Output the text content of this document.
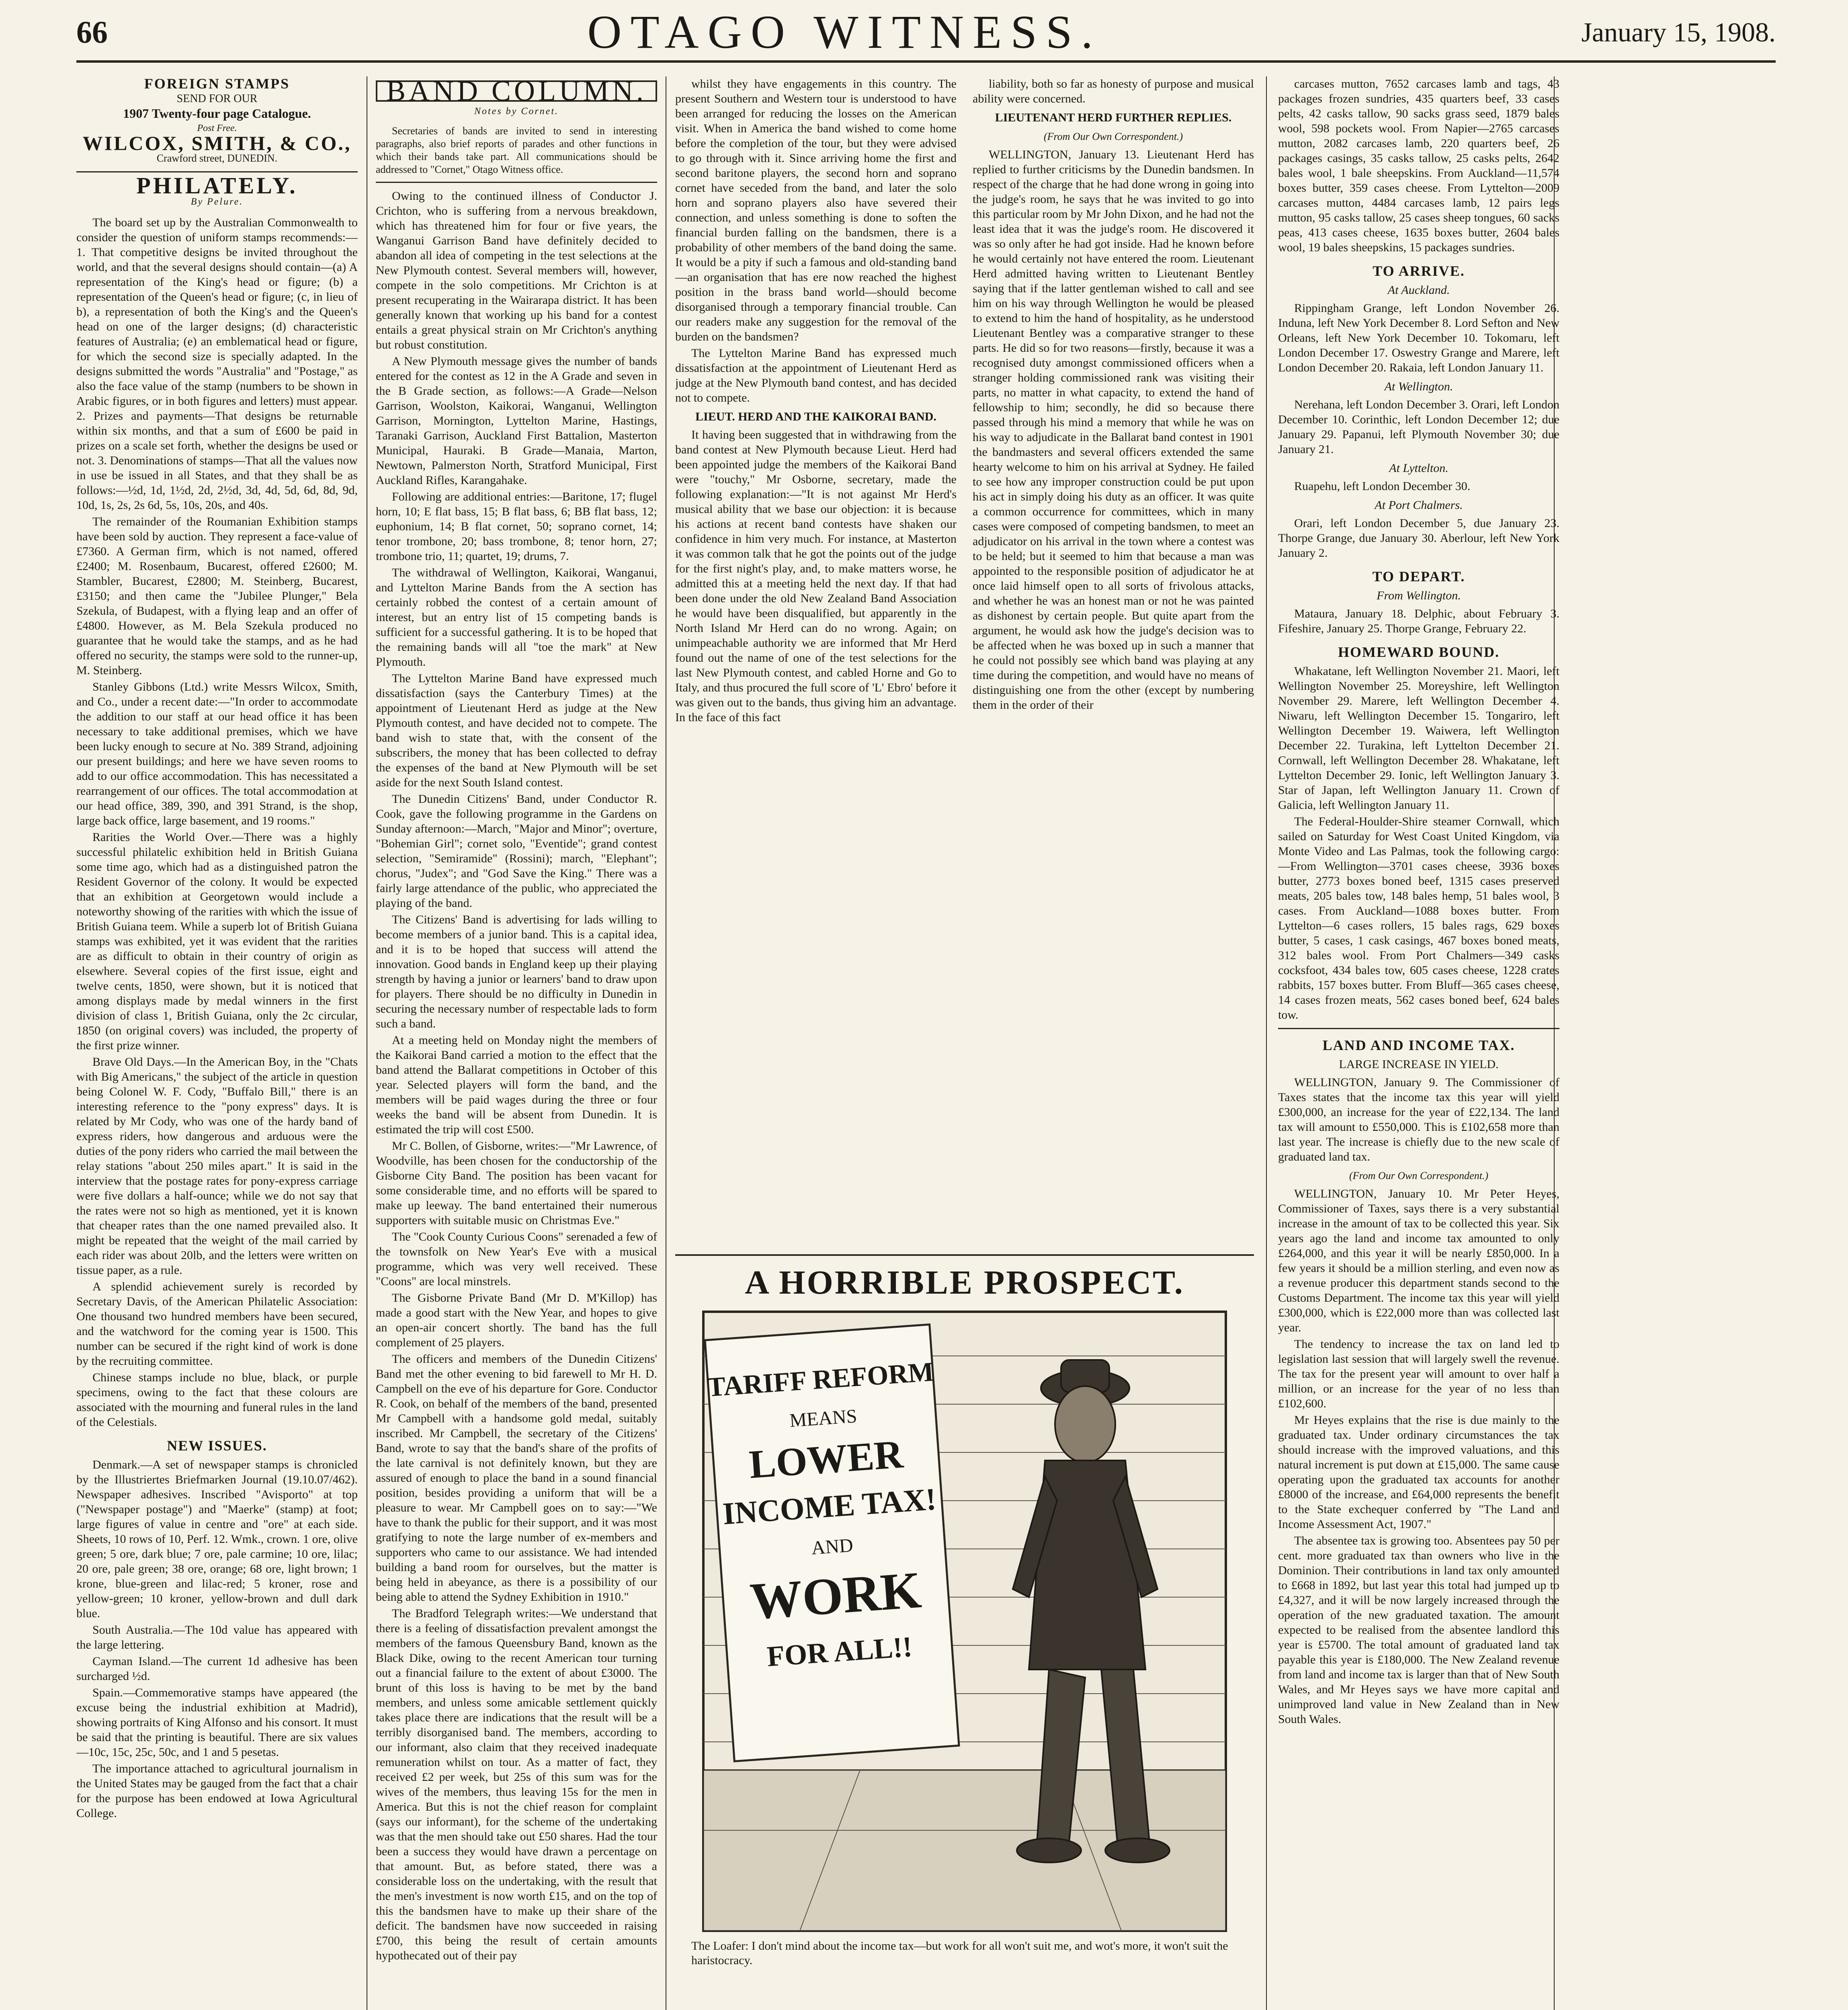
66	OTAGO WITNESS.	January 15, 1908.
FOREIGN STAMPS
SEND FOR OUR
1907 Twenty-four page Catalogue.
Post Free.
WILCOX, SMITH, & CO.,
Crawford street, DUNEDIN.
PHILATELY.
By Pelure.

The board set up by the Australian Commonwealth to consider the question of uniform stamps recommends:—1. That competitive designs be invited throughout the world, and that the several designs should contain—(a) A representation of the King's head or figure; (b) a representation of the Queen's head or figure; (c, in lieu of b), a representation of both the King's and the Queen's head on one of the larger designs; (d) characteristic features of Australia; (e) an emblematical head or figure, for which the second size is specially adapted. In the designs submitted the words "Australia" and "Postage," as also the face value of the stamp (numbers to be shown in Arabic figures, or in both figures and letters) must appear. 2. Prizes and payments—That designs be returnable within six months, and that a sum of £600 be paid in prizes on a scale set forth, whether the designs be used or not. 3. Denominations of stamps—That all the values now in use be issued in all States, and that they shall be as follows:—½d, 1d, 1½d, 2d, 2½d, 3d, 4d, 5d, 6d, 8d, 9d, 10d, 1s, 2s, 2s 6d, 5s, 10s, 20s, and 40s.

The remainder of the Roumanian Exhibition stamps have been sold by auction. They represent a face-value of £7360. A German firm, which is not named, offered £2400; M. Rosenbaum, Bucarest, offered £2600; M. Stambler, Bucarest, £2800; M. Steinberg, Bucarest, £3150; and then came the "Jubilee Plunger," Bela Szekula, of Budapest, with a flying leap and an offer of £4800. However, as M. Bela Szekula produced no guarantee that he would take the stamps, and as he had offered no security, the stamps were sold to the runner-up, M. Steinberg.

Stanley Gibbons (Ltd.) write Messrs Wilcox, Smith, and Co., under a recent date:—"In order to accommodate the addition to our staff at our head office it has been necessary to take additional premises, which we have been lucky enough to secure at No. 389 Strand, adjoining our present buildings; and here we have seven rooms to add to our office accommodation. This has necessitated a rearrangement of our offices. The total accommodation at our head office, 389, 390, and 391 Strand, is the shop, large back office, large basement, and 19 rooms."

Rarities the World Over.—There was a highly successful philatelic exhibition held in British Guiana some time ago, which had as a distinguished patron the Resident Governor of the colony. It would be expected that an exhibition at Georgetown would include a noteworthy showing of the rarities with which the issue of British Guiana teem. While a superb lot of British Guiana stamps was exhibited, yet it was evident that the rarities are as difficult to obtain in their country of origin as elsewhere. Several copies of the first issue, eight and twelve cents, 1850, were shown, but it is noticed that among displays made by medal winners in the first division of class 1, British Guiana, only the 2c circular, 1850 (on original covers) was included, the property of the first prize winner.

Brave Old Days.—In the American Boy, in the "Chats with Big Americans," the subject of the article in question being Colonel W. F. Cody, "Buffalo Bill," there is an interesting reference to the "pony express" days. It is related by Mr Cody, who was one of the hardy band of express riders, how dangerous and arduous were the duties of the pony riders who carried the mail between the relay stations "about 250 miles apart." It is said in the interview that the postage rates for pony-express carriage were five dollars a half-ounce; while we do not say that the rates were not so high as mentioned, yet it is known that cheaper rates than the one named prevailed also. It might be repeated that the weight of the mail carried by each rider was about 20lb, and the letters were written on tissue paper, as a rule.

A splendid achievement surely is recorded by Secretary Davis, of the American Philatelic Association: One thousand two hundred members have been secured, and the watchword for the coming year is 1500. This number can be secured if the right kind of work is done by the recruiting committee.

Chinese stamps include no blue, black, or purple specimens, owing to the fact that these colours are associated with the mourning and funeral rules in the land of the Celestials.

NEW ISSUES.

Denmark.—A set of newspaper stamps is chronicled by the Illustriertes Briefmarken Journal (19.10.07/462). Newspaper adhesives. Inscribed "Avisporto" at top ("Newspaper postage") and "Maerke" (stamp) at foot; large figures of value in centre and "ore" at each side. Sheets, 10 rows of 10, Perf. 12. Wmk., crown. 1 ore, olive green; 5 ore, dark blue; 7 ore, pale carmine; 10 ore, lilac; 20 ore, pale green; 38 ore, orange; 68 ore, light brown; 1 krone, blue-green and lilac-red; 5 kroner, rose and yellow-green; 10 kroner, yellow-brown and dull dark blue.

South Australia.—The 10d value has appeared with the large lettering.

Cayman Island.—The current 1d adhesive has been surcharged ½d.

Spain.—Commemorative stamps have appeared (the excuse being the industrial exhibition at Madrid), showing portraits of King Alfonso and his consort. It must be said that the printing is beautiful. There are six values—10c, 15c, 25c, 50c, and 1 and 5 pesetas.

The importance attached to agricultural journalism in the United States may be gauged from the fact that a chair for the purpose has been endowed at Iowa Agricultural College.

BAND COLUMN.
Notes by Cornet.

Secretaries of bands are invited to send in interesting paragraphs, also brief reports of parades and other functions in which their bands take part. All communications should be addressed to "Cornet," Otago Witness office.

Owing to the continued illness of Conductor J. Crichton, who is suffering from a nervous breakdown, which has threatened him for four or five years, the Wanganui Garrison Band have definitely decided to abandon all idea of competing in the test selections at the New Plymouth contest. Several members will, however, compete in the solo competitions. Mr Crichton is at present recuperating in the Wairarapa district. It has been generally known that working up his band for a contest entails a great physical strain on Mr Crichton's anything but robust constitution.

A New Plymouth message gives the number of bands entered for the contest as 12 in the A Grade and seven in the B Grade section, as follows:—A Grade—Nelson Garrison, Woolston, Kaikorai, Wanganui, Wellington Garrison, Mornington, Lyttelton Marine, Hastings, Taranaki Garrison, Auckland First Battalion, Masterton Municipal, Hauraki. B Grade—Manaia, Marton, Newtown, Palmerston North, Stratford Municipal, First Auckland Rifles, Karangahake.

Following are additional entries:—Baritone, 17; flugel horn, 10; E flat bass, 15; B flat bass, 6; BB flat bass, 12; euphonium, 14; B flat cornet, 50; soprano cornet, 14; tenor trombone, 20; bass trombone, 8; tenor horn, 27; trombone trio, 11; quartet, 19; drums, 7.

The withdrawal of Wellington, Kaikorai, Wanganui, and Lyttelton Marine Bands from the A section has certainly robbed the contest of a certain amount of interest, but an entry list of 15 competing bands is sufficient for a successful gathering. It is to be hoped that the remaining bands will all "toe the mark" at New Plymouth.

The Lyttelton Marine Band have expressed much dissatisfaction (says the Canterbury Times) at the appointment of Lieutenant Herd as judge at the New Plymouth contest, and have decided not to compete. The band wish to state that, with the consent of the subscribers, the money that has been collected to defray the expenses of the band at New Plymouth will be set aside for the next South Island contest.

The Dunedin Citizens' Band, under Conductor R. Cook, gave the following programme in the Gardens on Sunday afternoon:—March, "Major and Minor"; overture, "Bohemian Girl"; cornet solo, "Eventide"; grand contest selection, "Semiramide" (Rossini); march, "Elephant"; chorus, "Judex"; and "God Save the King." There was a fairly large attendance of the public, who appreciated the playing of the band.

The Citizens' Band is advertising for lads willing to become members of a junior band. This is a capital idea, and it is to be hoped that success will attend the innovation. Good bands in England keep up their playing strength by having a junior or learners' band to draw upon for players. There should be no difficulty in Dunedin in securing the necessary number of respectable lads to form such a band.

At a meeting held on Monday night the members of the Kaikorai Band carried a motion to the effect that the band attend the Ballarat competitions in October of this year. Selected players will form the band, and the members will be paid wages during the three or four weeks the band will be absent from Dunedin. It is estimated the trip will cost £500.

Mr C. Bollen, of Gisborne, writes:—"Mr Lawrence, of Woodville, has been chosen for the conductorship of the Gisborne City Band. The position has been vacant for some considerable time, and no efforts will be spared to make up leeway. The band entertained their numerous supporters with suitable music on Christmas Eve."

The "Cook County Curious Coons" serenaded a few of the townsfolk on New Year's Eve with a musical programme, which was very well received. These "Coons" are local minstrels.

The Gisborne Private Band (Mr D. M'Killop) has made a good start with the New Year, and hopes to give an open-air concert shortly. The band has the full complement of 25 players.

The officers and members of the Dunedin Citizens' Band met the other evening to bid farewell to Mr H. D. Campbell on the eve of his departure for Gore. Conductor R. Cook, on behalf of the members of the band, presented Mr Campbell with a handsome gold medal, suitably inscribed. Mr Campbell, the secretary of the Citizens' Band, wrote to say that the band's share of the profits of the late carnival is not definitely known, but they are assured of enough to place the band in a sound financial position, besides providing a uniform that will be a pleasure to wear. Mr Campbell goes on to say:—"We have to thank the public for their support, and it was most gratifying to note the large number of ex-members and supporters who came to our assistance. We had intended building a band room for ourselves, but the matter is being held in abeyance, as there is a possibility of our being able to attend the Sydney Exhibition in 1910."

The Bradford Telegraph writes:—We understand that there is a feeling of dissatisfaction prevalent amongst the members of the famous Queensbury Band, known as the Black Dike, owing to the recent American tour turning out a financial failure to the extent of about £3000. The brunt of this loss is having to be met by the band members, and unless some amicable settlement quickly takes place there are indications that the result will be a terribly disorganised band. The members, according to our informant, also claim that they received inadequate remuneration whilst on tour. As a matter of fact, they received £2 per week, but 25s of this sum was for the wives of the members, thus leaving 15s for the men in America. But this is not the chief reason for complaint (says our informant), for the scheme of the undertaking was that the men should take out £50 shares. Had the tour been a success they would have drawn a percentage on that amount. But, as before stated, there was a considerable loss on the undertaking, with the result that the men's investment is now worth £15, and on the top of this the bandsmen have to make up their share of the deficit. The bandsmen have now succeeded in raising £700, this being the result of certain amounts hypothecated out of their pay

whilst they have engagements in this country. The present Southern and Western tour is understood to have been arranged for reducing the losses on the American visit. When in America the band wished to come home before the completion of the tour, but they were advised to go through with it. Since arriving home the first and second baritone players, the second horn and soprano cornet have seceded from the band, and later the solo horn and soprano players also have severed their connection, and unless something is done to soften the financial burden falling on the bandsmen, there is a probability of other members of the band doing the same. It would be a pity if such a famous and old-standing band—an organisation that has ere now reached the highest position in the brass band world—should become disorganised through a temporary financial trouble. Can our readers make any suggestion for the removal of the burden on the bandsmen?

The Lyttelton Marine Band has expressed much dissatisfaction at the appointment of Lieutenant Herd as judge at the New Plymouth band contest, and has decided not to compete.

LIEUT. HERD AND THE KAIKORAI BAND.

It having been suggested that in withdrawing from the band contest at New Plymouth because Lieut. Herd had been appointed judge the members of the Kaikorai Band were "touchy," Mr Osborne, secretary, made the following explanation:—"It is not against Mr Herd's musical ability that we base our objection: it is because his actions at recent band contests have shaken our confidence in him very much. For instance, at Masterton it was common talk that he got the points out of the judge for the first night's play, and, to make matters worse, he admitted this at a meeting held the next day. If that had been done under the old New Zealand Band Association he would have been disqualified, but apparently in the North Island Mr Herd can do no wrong. Again; on unimpeachable authority we are informed that Mr Herd found out the name of one of the test selections for the last New Plymouth contest, and cabled Horne and Go to Italy, and thus procured the full score of 'L' Ebro' before it was given out to the bands, thus giving him an advantage. In the face of this fact

liability, both so far as honesty of purpose and musical ability were concerned.

LIEUTENANT HERD FURTHER REPLIES.
(From Our Own Correspondent.)

WELLINGTON, January 13. Lieutenant Herd has replied to further criticisms by the Dunedin bandsmen. In respect of the charge that he had done wrong in going into the judge's room, he says that he was invited to go into this particular room by Mr John Dixon, and he had not the least idea that it was the judge's room. He discovered it was so only after he had got inside. Had he known before he would certainly not have entered the room. Lieutenant Herd admitted having written to Lieutenant Bentley saying that if the latter gentleman wished to call and see him on his way through Wellington he would be pleased to extend to him the hand of hospitality, as he understood Lieutenant Bentley was a comparative stranger to these parts. He did so for two reasons—firstly, because it was a recognised duty amongst commissioned officers when a stranger holding commissioned rank was visiting their parts, no matter in what capacity, to extend the hand of fellowship to him; secondly, he did so because there passed through his mind a memory that while he was on his way to adjudicate in the Ballarat band contest in 1901 the bandmasters and several officers extended the same hearty welcome to him on his arrival at Sydney. He failed to see how any improper construction could be put upon his act in simply doing his duty as an officer. It was quite a common occurrence for committees, which in many cases were composed of competing bandsmen, to meet an adjudicator on his arrival in the town where a contest was to be held; but it seemed to him that because a man was appointed to the responsible position of adjudicator he at once laid himself open to all sorts of frivolous attacks, and whether he was an honest man or not he was painted as dishonest by certain people. But quite apart from the argument, he would ask how the judge's decision was to be affected when he was boxed up in such a manner that he could not possibly see which band was playing at any time during the competition, and would have no means of distinguishing one from the other (except by numbering them in the order of their

A HORRIBLE PROSPECT.
TARIFF REFORM
MEANS
LOWER
INCOME TAX!
AND
WORK
FOR ALL!!
The Loafer: I don't mind about the income tax—but work for all won't suit me, and wot's more, it won't suit the haristocracy.

carcases mutton, 7652 carcases lamb and tags, 43 packages frozen sundries, 435 quarters beef, 33 cases pelts, 42 casks tallow, 90 sacks grass seed, 1879 bales wool, 598 pockets wool. From Napier—2765 carcases mutton, 2082 carcases lamb, 220 quarters beef, 26 packages casings, 35 casks tallow, 25 casks pelts, 2642 bales wool, 1 bale sheepskins. From Auckland—11,574 boxes butter, 359 cases cheese. From Lyttelton—2009 carcases mutton, 4484 carcases lamb, 12 pairs legs mutton, 95 casks tallow, 25 cases sheep tongues, 60 sacks peas, 413 cases cheese, 1635 boxes butter, 2604 bales wool, 19 bales sheepskins, 15 packages sundries.

TO ARRIVE.
At Auckland.

Rippingham Grange, left London November 26. Induna, left New York December 8. Lord Sefton and New Orleans, left New York December 10. Tokomaru, left London December 17. Oswestry Grange and Marere, left London December 20. Rakaia, left London January 11.

At Wellington.

Nerehana, left London December 3. Orari, left London December 10. Corinthic, left London December 12; due January 29. Papanui, left Plymouth November 30; due January 21.

At Lyttelton.

Ruapehu, left London December 30.

At Port Chalmers.

Orari, left London December 5, due January 23. Thorpe Grange, due January 30. Aberlour, left New York January 2.

TO DEPART.
From Wellington.

Mataura, January 18. Delphic, about February 3. Fifeshire, January 25. Thorpe Grange, February 22.

HOMEWARD BOUND.

Whakatane, left Wellington November 21. Maori, left Wellington November 25. Moreyshire, left Wellington November 29. Marere, left Wellington December 4. Niwaru, left Wellington December 15. Tongariro, left Wellington December 19. Waiwera, left Wellington December 22. Turakina, left Lyttelton December 21. Cornwall, left Wellington December 28. Whakatane, left Lyttelton December 29. Ionic, left Wellington January 3. Star of Japan, left Wellington January 11. Crown of Galicia, left Wellington January 11.

The Federal-Houlder-Shire steamer Cornwall, which sailed on Saturday for West Coast United Kingdom, via Monte Video and Las Palmas, took the following cargo:—From Wellington—3701 cases cheese, 3936 boxes butter, 2773 boxes boned beef, 1315 cases preserved meats, 205 bales tow, 148 bales hemp, 51 bales wool, 3 cases. From Auckland—1088 boxes butter. From Lyttelton—6 cases rollers, 15 bales rags, 629 boxes butter, 5 cases, 1 cask casings, 467 boxes boned meats, 312 bales wool. From Port Chalmers—349 casks cocksfoot, 434 bales tow, 605 cases cheese, 1228 crates rabbits, 157 boxes butter. From Bluff—365 cases cheese, 14 cases frozen meats, 562 cases boned beef, 624 bales tow.

LAND AND INCOME TAX.
LARGE INCREASE IN YIELD.

WELLINGTON, January 9. The Commissioner of Taxes states that the income tax this year will yield £300,000, an increase for the year of £22,134. The land tax will amount to £550,000. This is £102,658 more than last year. The increase is chiefly due to the new scale of graduated land tax.

(From Our Own Correspondent.)

WELLINGTON, January 10. Mr Peter Heyes, Commissioner of Taxes, says there is a very substantial increase in the amount of tax to be collected this year. Six years ago the land and income tax amounted to only £264,000, and this year it will be nearly £850,000. In a few years it should be a million sterling, and even now as a revenue producer this department stands second to the Customs Department. The income tax this year will yield £300,000, which is £22,000 more than was collected last year.

The tendency to increase the tax on land led to legislation last session that will largely swell the revenue. The tax for the present year will amount to over half a million, or an increase for the year of no less than £102,600.

Mr Heyes explains that the rise is due mainly to the graduated tax. Under ordinary circumstances the tax should increase with the improved valuations, and this natural increment is put down at £15,000. The same cause operating upon the graduated tax accounts for another £8000 of the increase, and £64,000 represents the benefit to the State exchequer conferred by "The Land and Income Assessment Act, 1907."

The absentee tax is growing too. Absentees pay 50 per cent. more graduated tax than owners who live in the Dominion. Their contributions in land tax only amounted to £668 in 1892, but last year this total had jumped up to £4,327, and it will be now largely increased through the operation of the new graduated taxation. The amount expected to be realised from the absentee landlord this year is £5700. The total amount of graduated land tax payable this year is £180,000. The New Zealand revenue from land and income tax is larger than that of New South Wales, and Mr Heyes says we have more capital and unimproved land value in New Zealand than in New South Wales.
